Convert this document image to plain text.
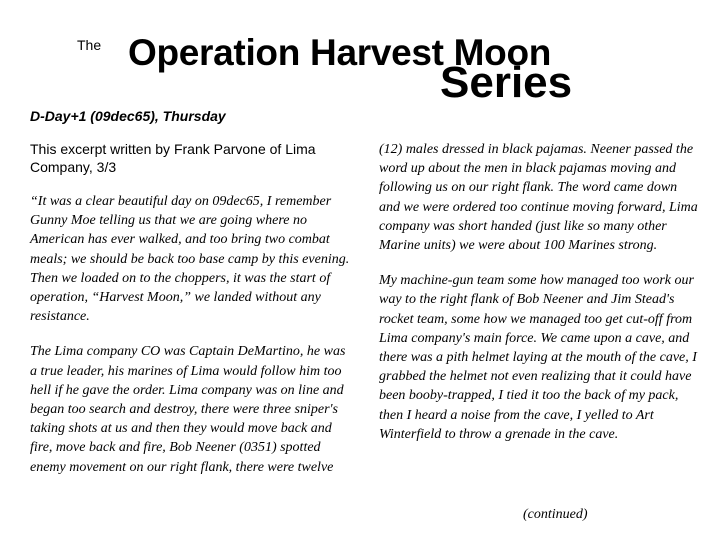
The Operation Harvest Moon
Series
D-Day+1 (09dec65), Thursday

This excerpt written by Frank Parvone of Lima Company, 3/3

“It was a clear beautiful day on 09dec65, I remember Gunny Moe telling us that we are going where no American has ever walked, and too bring two combat meals; we should be back too base camp by this evening. Then we loaded on to the choppers, it was the start of operation, “Harvest Moon,” we landed without any resistance.

The Lima company CO was Captain DeMartino, he was a true leader, his marines of Lima would follow him too hell if he gave the order. Lima company was on line and began too search and destroy, there were three sniper's taking shots at us and then they would move back and fire, move back and fire, Bob Neener (0351) spotted enemy movement on our right flank, there were twelve

(12) males dressed in black pajamas. Neener passed the word up about the men in black pajamas moving and following us on our right flank. The word came down and we were ordered too continue moving forward, Lima company was short handed (just like so many other Marine units) we were about 100 Marines strong.

My machine-gun team some how managed too work our way to the right flank of Bob Neener and Jim Stead's rocket team, some how we managed too get cut-off from Lima company's main force. We came upon a cave, and there was a pith helmet laying at the mouth of the cave, I grabbed the helmet not even realizing that it could have been booby-trapped, I tied it too the back of my pack, then I heard a noise from the cave, I yelled to Art Winterfield to throw a grenade in the cave.

(continued)
